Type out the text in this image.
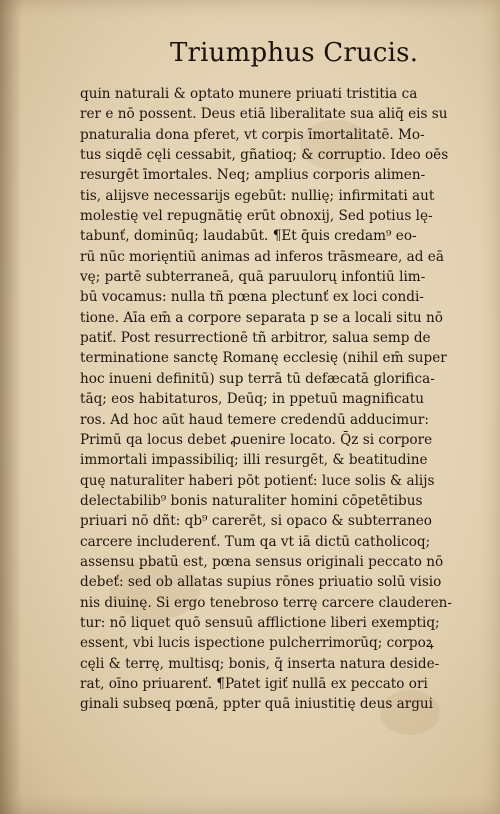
Triumphus Crucis.
quin naturali & optato munere priuati tristitia ca
rer e nō possent. Deus etiā liberalitate sua aliq̄ eis su
pnaturalia dona pferet, vt corpis īmortalitatē. Mo-
tus siqdē cęli cessabit, gñatioq; & corruptio. Ideo oēs
resurgēt īmortales. Neq; amplius corporis alimen-
tis, alijsve necessarijs egebūt: nullię; infirmitati aut
molestię vel repugnātię erūt obnoxij, Sed potius lę-
tabunť, dominūq; laudabūt. ¶Et q̄uis credam⁹ eo-
rū nūc morięntiū animas ad inferos trāsmeare, ad eā
vę; partē subterraneā, quā paruulorų infontiū lim-
bū vocamus: nulla tñ pœna plectunť ex loci condi-
tione. Aīa em̄ a corpore separata p se a locali situ nō
patiť. Post resurrectionē tñ arbitror, salua semp de
terminatione sanctę Romanę ecclesię (nihil em̄ super
hoc inueni definitū) sup terrā tū defæcatā glorifica-
tāq; eos habitaturos, Deūq; in ppetuū magnificatu
ros. Ad hoc aūt haud temere credendū adducimur:
Primū qa locus debet ꝓuenire locato. Q̄z si corpore
immortali impassibiliq; illi resurgēt, & beatitudine
quę naturaliter haberi pōt potienť: luce solis & alijs
delectabilib⁹ bonis naturaliter homini cōpetētibus
priuari nō dñt: qb⁹ carerēt, si opaco & subterraneo
carcere includerenť. Tum qa vt iā dictū catholicoq;
assensu pbatū est, pœna sensus originali peccato nō
debeť: sed ob allatas supius rōnes priuatio solū visio
nis diuinę. Si ergo tenebroso terrę carcere clauderen-
tur: nō liquet quō sensuū afflictione liberi exemptiq;
essent, vbi lucis ispectione pulcherrimorūq; corpoꝝ
cęli & terrę, multisq; bonis, q̄ inserta natura deside-
rat, oīno priuarenť. ¶Patet igiť nullā ex peccato ori
ginali subseq pœnā, ppter quā iniustitię deus argui
